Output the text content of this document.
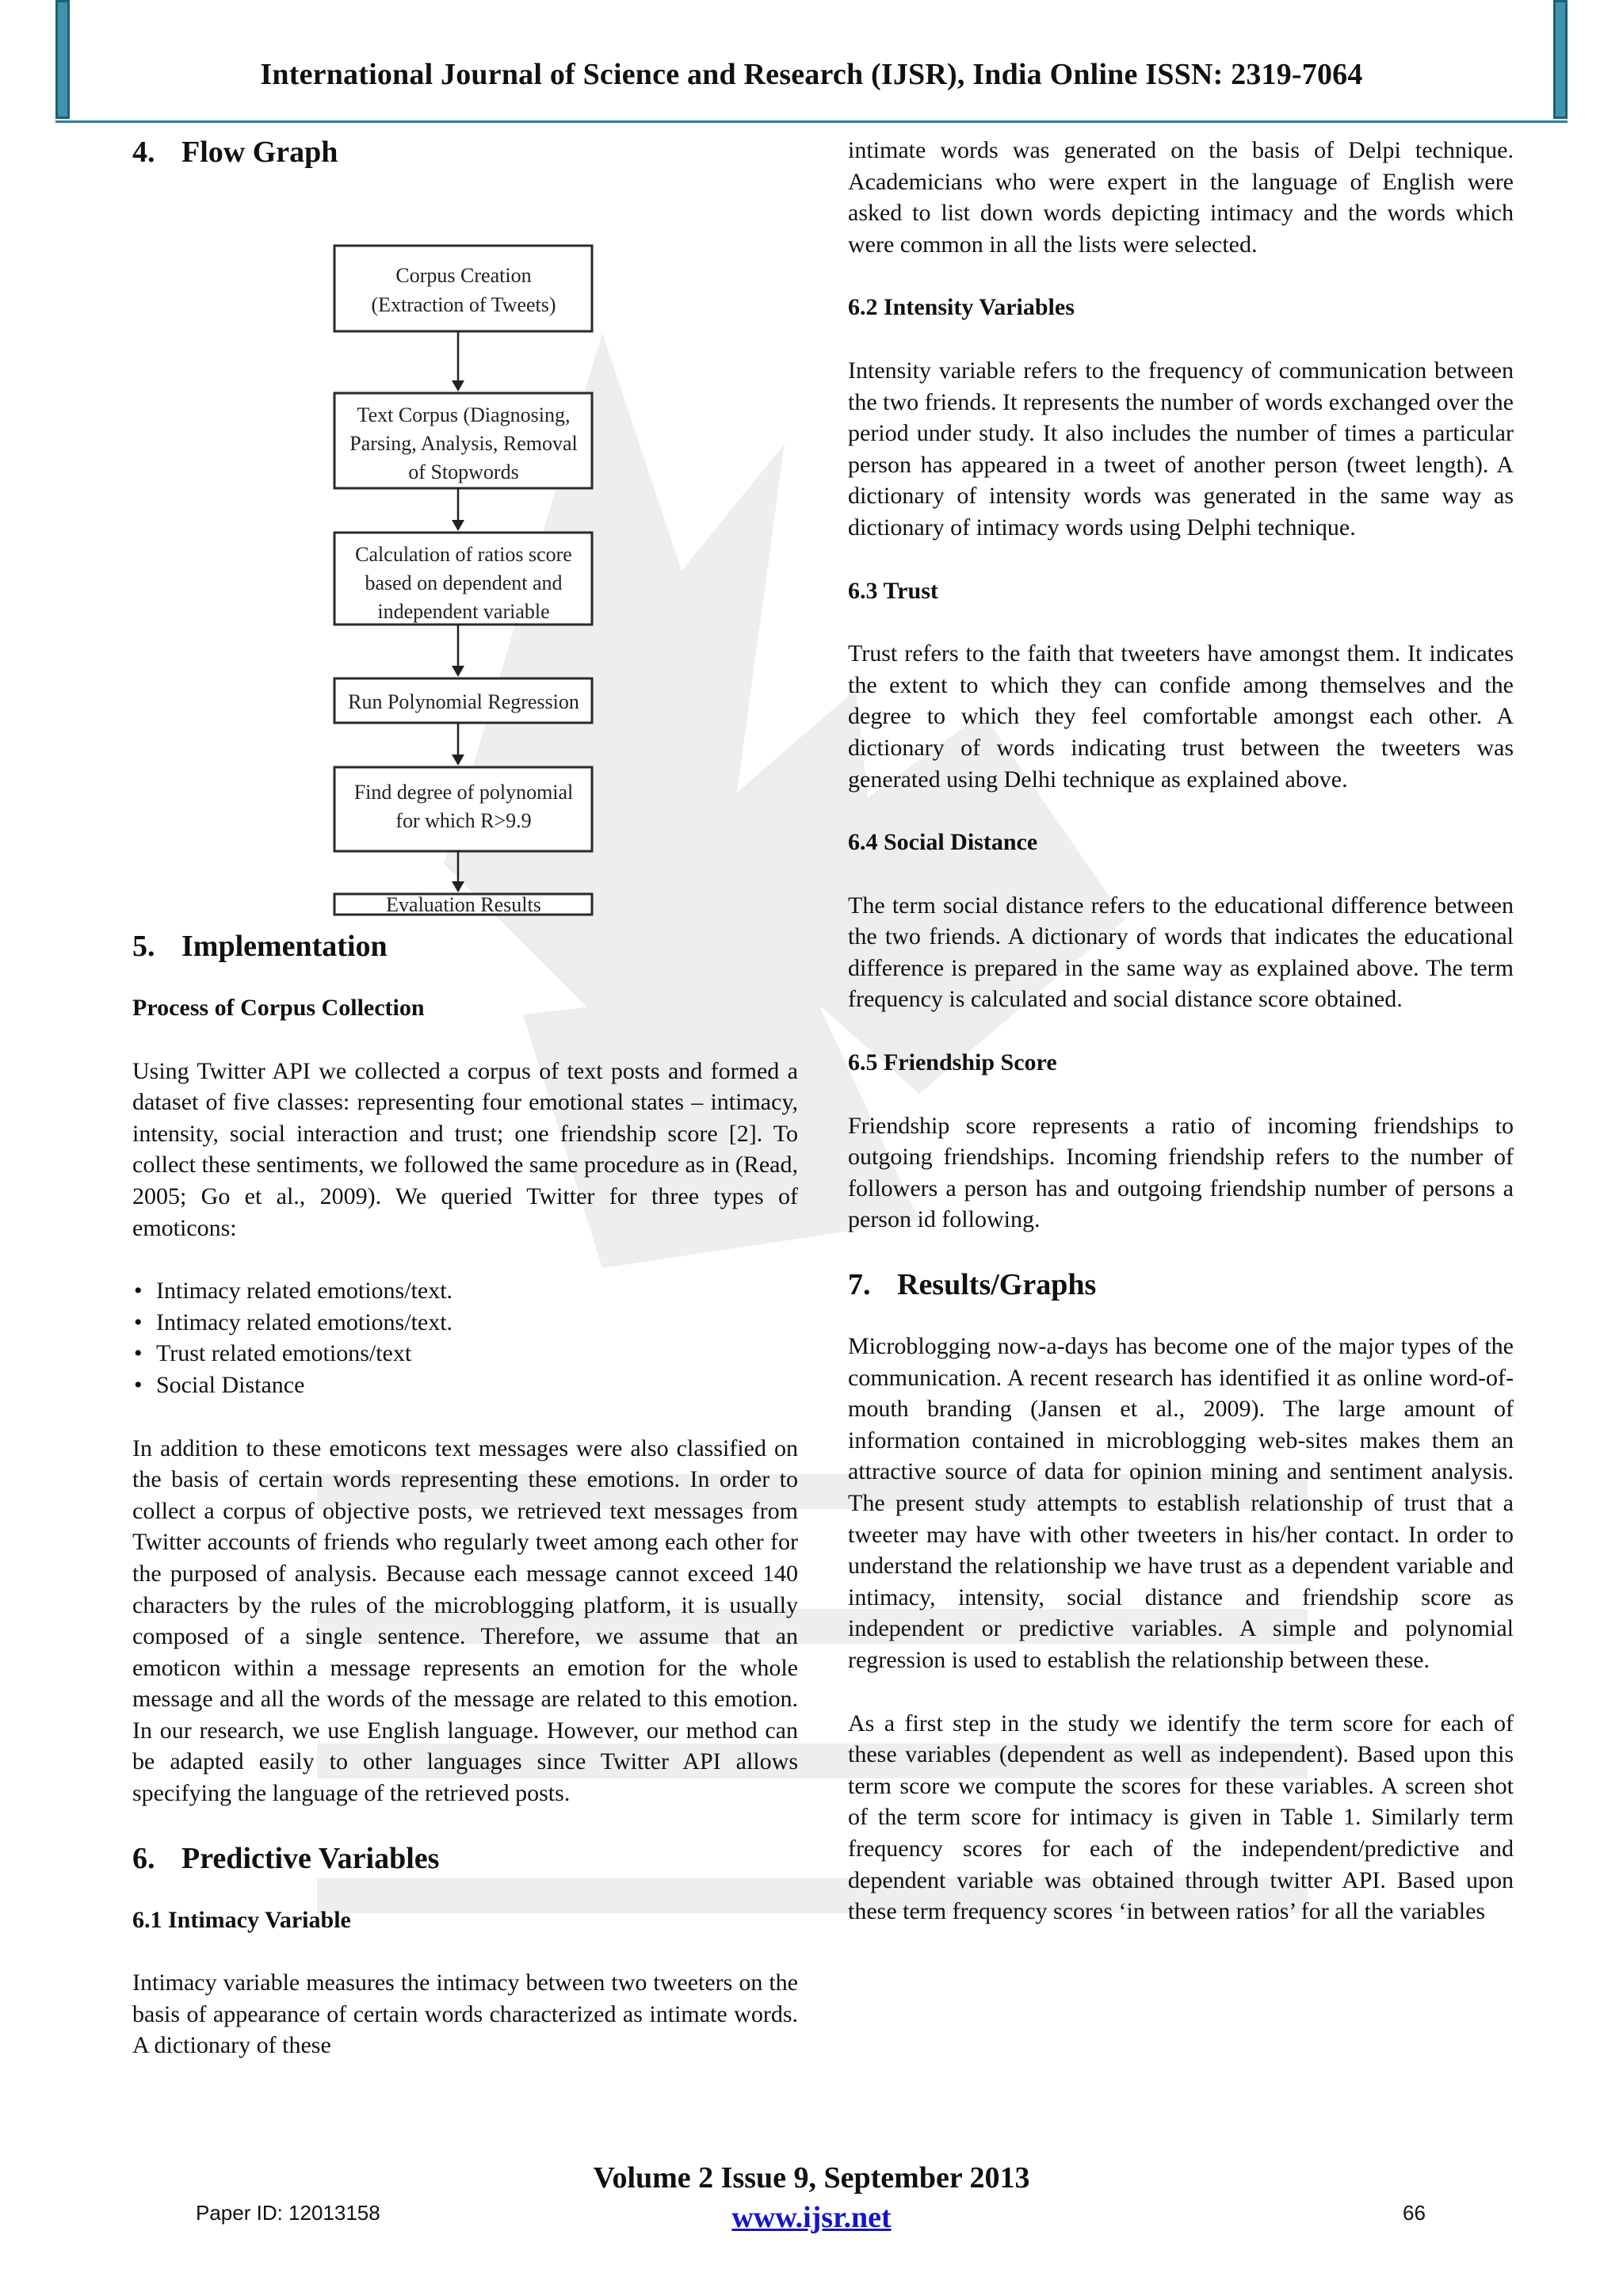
International Journal of Science and Research (IJSR), India Online ISSN: 2319-7064
4. Flow Graph
Corpus Creation
(Extraction of Tweets)
Text Corpus (Diagnosing,
Parsing, Analysis, Removal
of Stopwords
Calculation of ratios score
based on dependent and
independent variable
Run Polynomial Regression
Find degree of polynomial
for which R>9.9
Evaluation Results
5. Implementation
Process of Corpus Collection

Using Twitter API we collected a corpus of text posts and formed a dataset of five classes: representing four emotional states – intimacy, intensity, social interaction and trust; one friendship score [2]. To collect these sentiments, we followed the same procedure as in (Read, 2005; Go et al., 2009). We queried Twitter for three types of emoticons:

• Intimacy related emotions/text.
• Intimacy related emotions/text.
• Trust related emotions/text
• Social Distance

In addition to these emoticons text messages were also classified on the basis of certain words representing these emotions. In order to collect a corpus of objective posts, we retrieved text messages from Twitter accounts of friends who regularly tweet among each other for the purposed of analysis. Because each message cannot exceed 140 characters by the rules of the microblogging platform, it is usually composed of a single sentence. Therefore, we assume that an emoticon within a message represents an emotion for the whole message and all the words of the message are related to this emotion. In our research, we use English language. However, our method can be adapted easily to other languages since Twitter API allows specifying the language of the retrieved posts.

6. Predictive Variables
6.1 Intimacy Variable

Intimacy variable measures the intimacy between two tweeters on the basis of appearance of certain words characterized as intimate words. A dictionary of these

intimate words was generated on the basis of Delpi technique. Academicians who were expert in the language of English were asked to list down words depicting intimacy and the words which were common in all the lists were selected.

6.2 Intensity Variables

Intensity variable refers to the frequency of communication between the two friends. It represents the number of words exchanged over the period under study. It also includes the number of times a particular person has appeared in a tweet of another person (tweet length). A dictionary of intensity words was generated in the same way as dictionary of intimacy words using Delphi technique.

6.3 Trust

Trust refers to the faith that tweeters have amongst them. It indicates the extent to which they can confide among themselves and the degree to which they feel comfortable amongst each other. A dictionary of words indicating trust between the tweeters was generated using Delhi technique as explained above.

6.4 Social Distance

The term social distance refers to the educational difference between the two friends. A dictionary of words that indicates the educational difference is prepared in the same way as explained above. The term frequency is calculated and social distance score obtained.

6.5 Friendship Score

Friendship score represents a ratio of incoming friendships to outgoing friendships. Incoming friendship refers to the number of followers a person has and outgoing friendship number of persons a person id following.

7. Results/Graphs

Microblogging now-a-days has become one of the major types of the communication. A recent research has identified it as online word-of-mouth branding (Jansen et al., 2009). The large amount of information contained in microblogging web-sites makes them an attractive source of data for opinion mining and sentiment analysis. The present study attempts to establish relationship of trust that a tweeter may have with other tweeters in his/her contact. In order to understand the relationship we have trust as a dependent variable and intimacy, intensity, social distance and friendship score as independent or predictive variables. A simple and polynomial regression is used to establish the relationship between these.

As a first step in the study we identify the term score for each of these variables (dependent as well as independent). Based upon this term score we compute the scores for these variables. A screen shot of the term score for intimacy is given in Table 1. Similarly term frequency scores for each of the independent/predictive and dependent variable was obtained through twitter API. Based upon these term frequency scores ‘in between ratios’ for all the variables

Volume 2 Issue 9, September 2013
www.ijsr.net
Paper ID: 12013158	66
